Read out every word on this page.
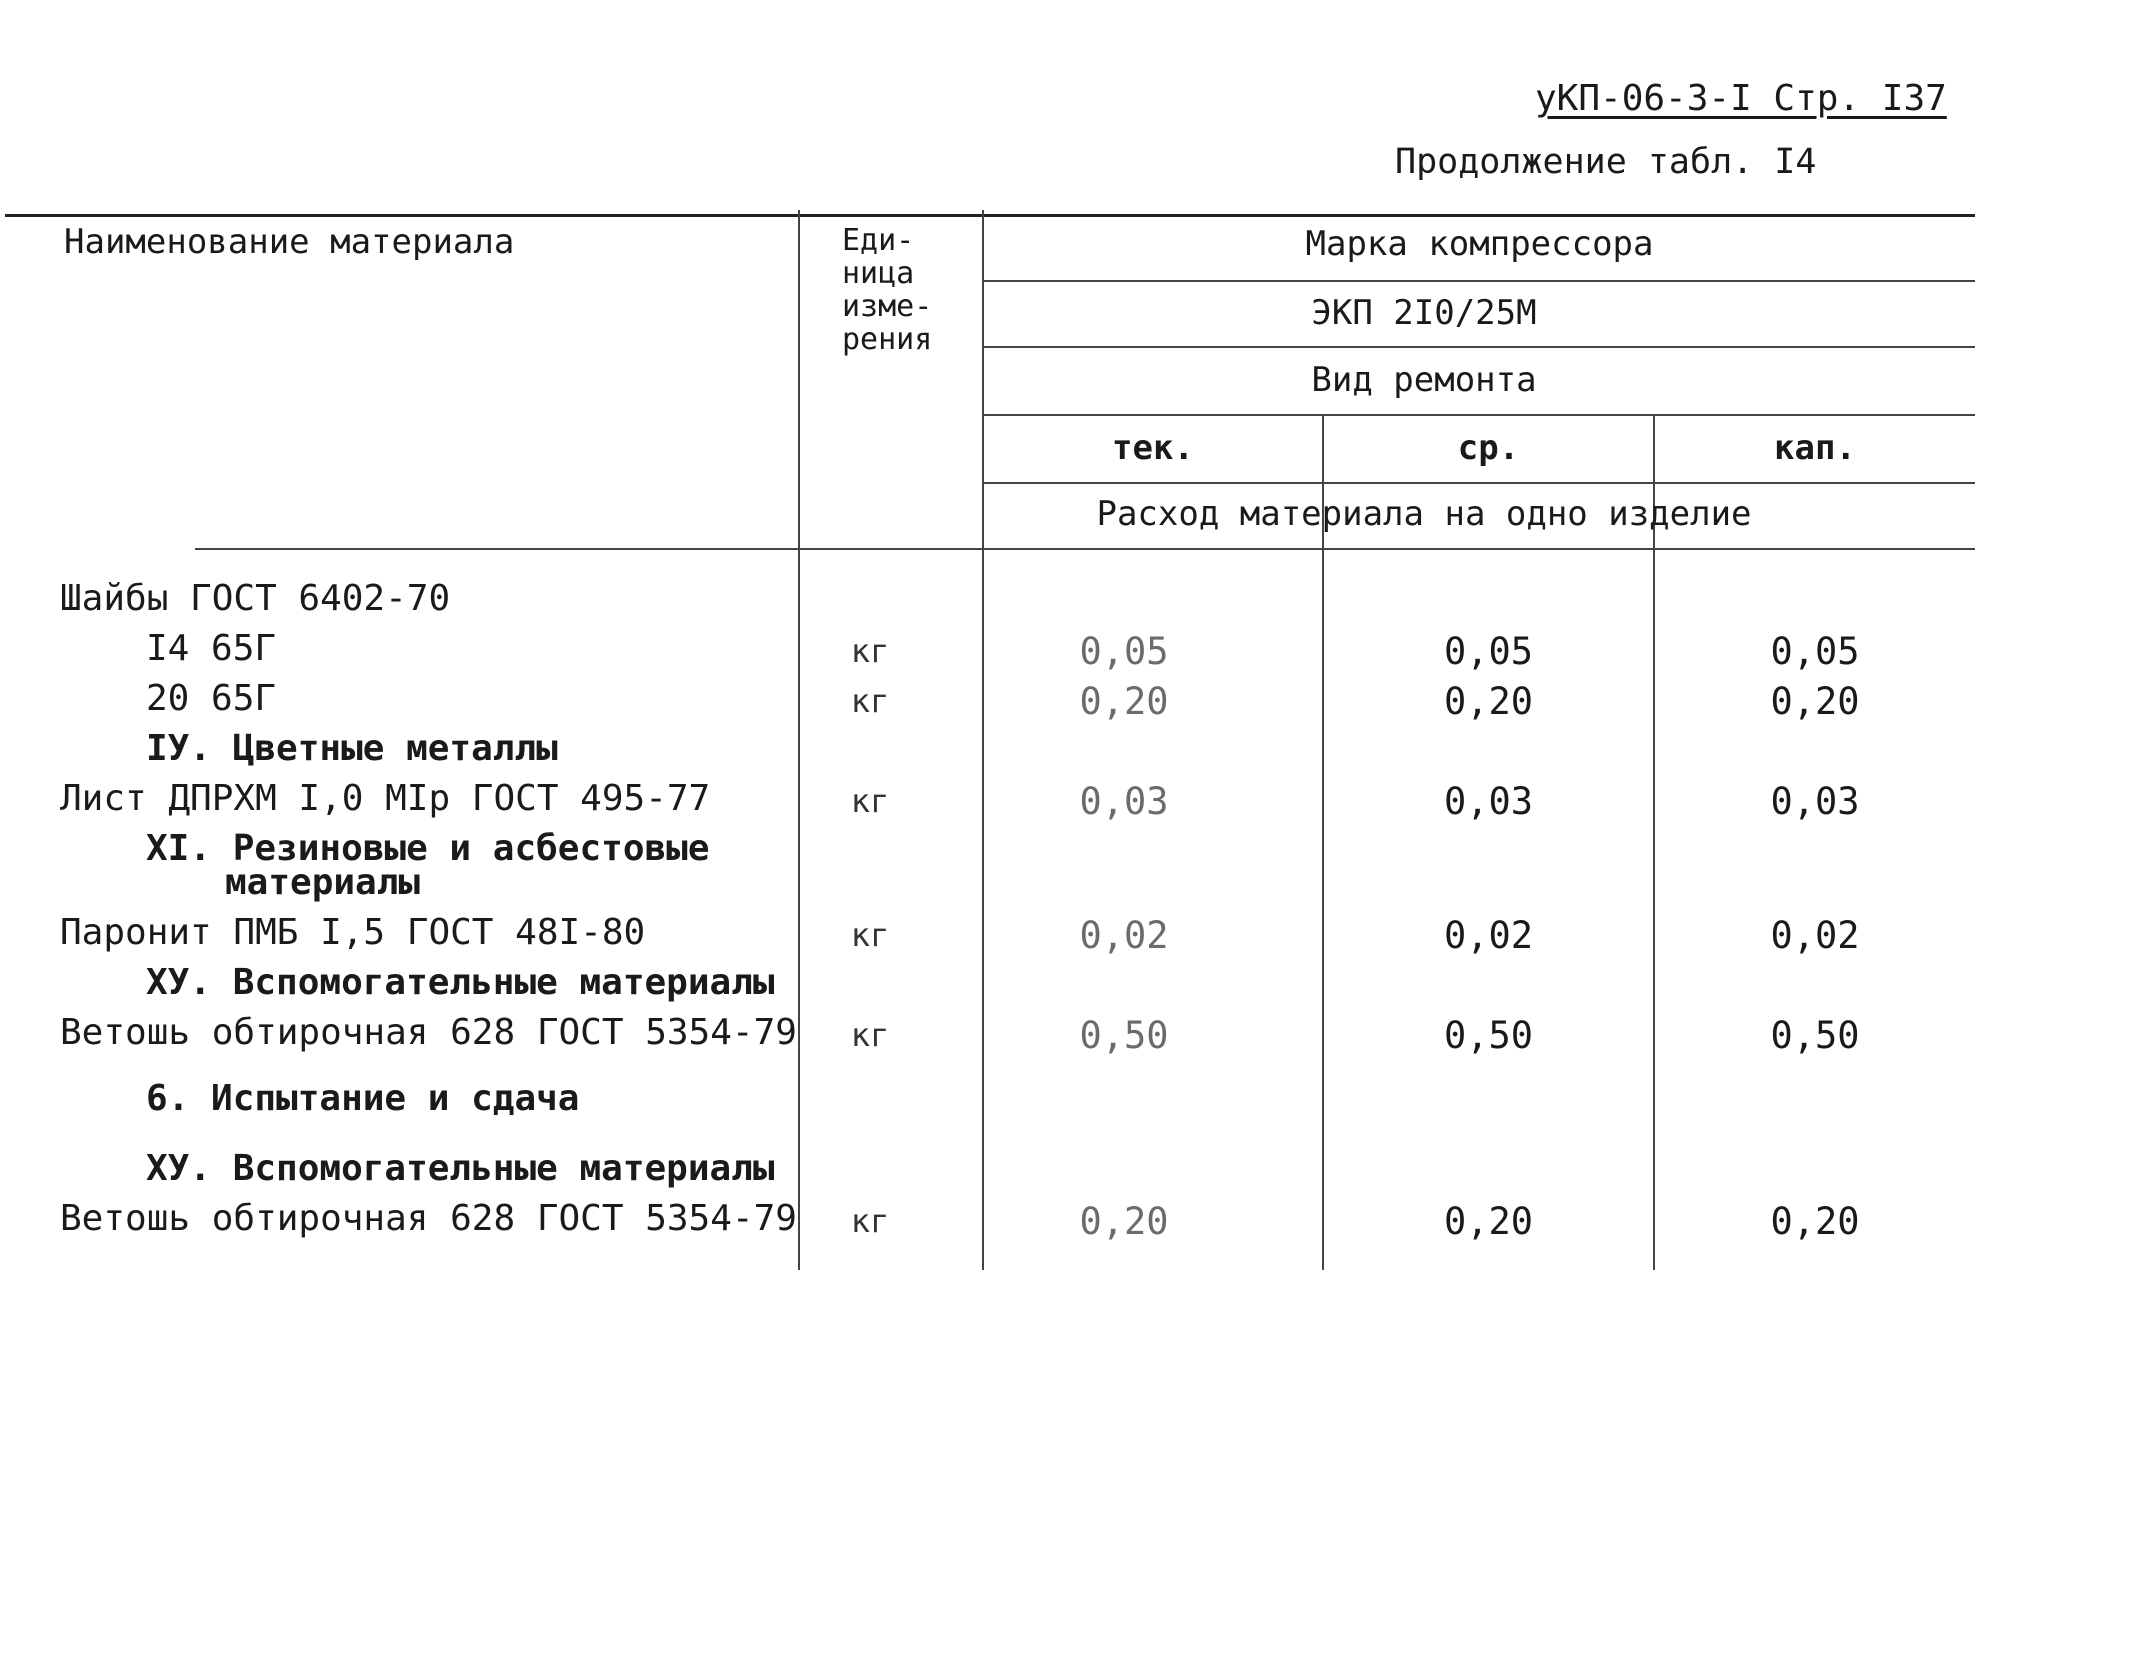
уКП-06-3-I Стр. I37
Продолжение табл. I4
Наименование материала	Еди-
ница
изме-
рения
Марка компрессора
ЭКП 2I0/25М
Вид ремонта
тек.	ср.	кап.
Расход материала на одно изделие
Шайбы ГОСТ 6402-70
I4 65Г	кг	0,05	0,05	0,05
20 65Г	кг	0,20	0,20	0,20
IУ. Цветные металлы
Лист ДПРХМ I,0 МIр ГОСТ 495-77	кг	0,03	0,03	0,03
XI. Резиновые и асбестовые
материалы
Паронит ПМБ I,5 ГОСТ 48I-80	кг	0,02	0,02	0,02
ХУ. Вспомогательные материалы
Ветошь обтирочная 628 ГОСТ 5354-79	кг	0,50	0,50	0,50
6. Испытание и сдача
ХУ. Вспомогательные материалы
Ветошь обтирочная 628 ГОСТ 5354-79	кг	0,20	0,20	0,20
